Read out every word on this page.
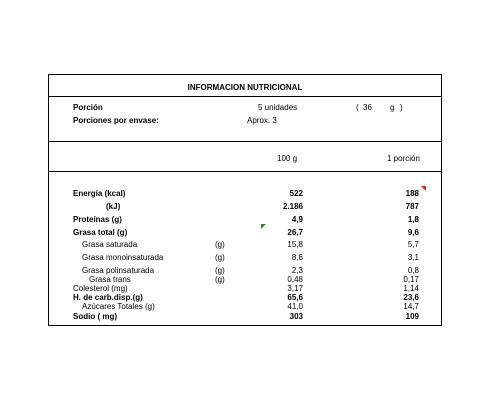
INFORMACION NUTRICIONAL
Porción	5 unidades	( 36 g )
Porciones por envase:	Aprox. 3
100 g	1 porción
Energía (kcal)	522	188
(kJ)	2.186	787
Proteínas (g)	4,9	1,8
Grasa total (g)	26,7	9,6
Grasa saturada	(g)	15,8	5,7
Grasa monoinsaturada	(g)	8,6	3,1
Grasa polinsaturada	(g)	2,3	0,8
Grasa trans	(g)	0,48	0,17
Colesterol (mg)	3,17	1,14
H. de carb.disp.(g)	65,6	23,6
Azúcares Totales (g)	41,0	14,7
Sodio ( mg)	303	109
